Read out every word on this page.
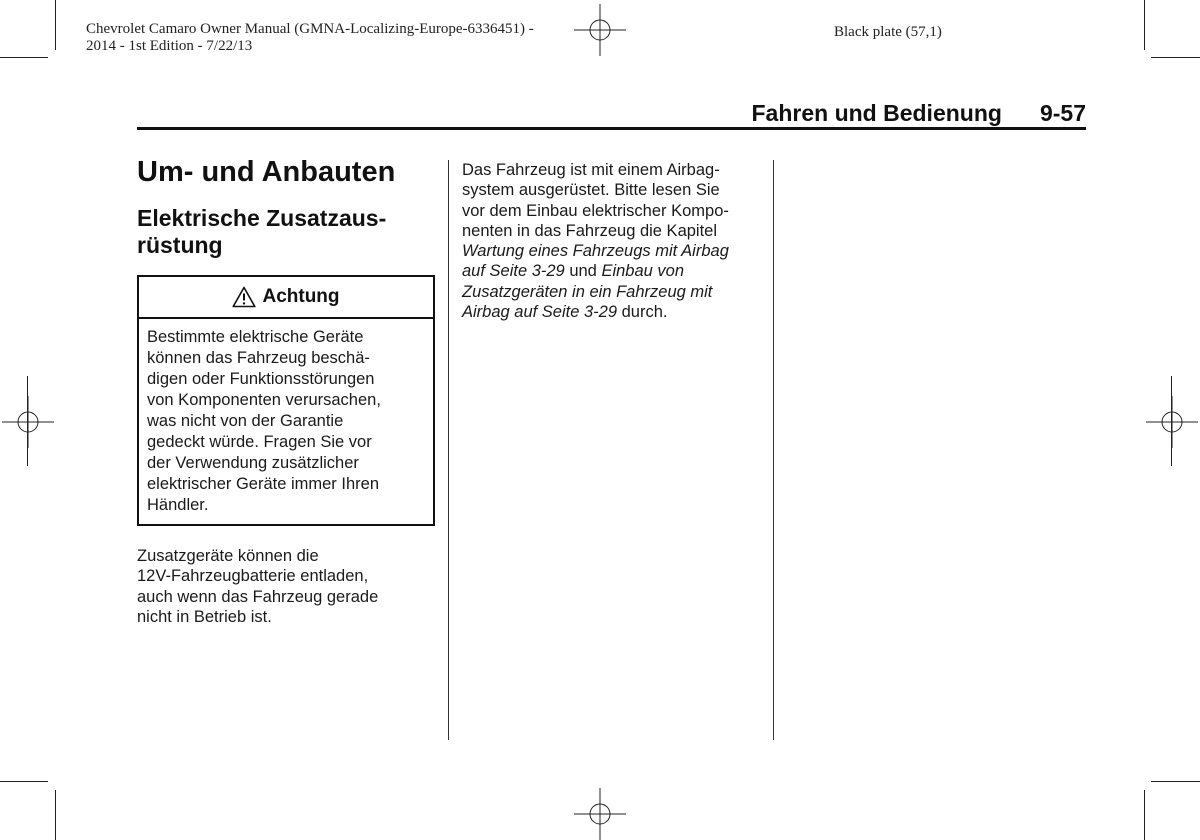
Chevrolet Camaro Owner Manual (GMNA-Localizing-Europe-6336451) -
2014 - 1st Edition - 7/22/13
Black plate (57,1)
Fahren und Bedienung 9-57
Um- und Anbauten
Elektrische Zusatzaus-
rüstung
Achtung
Bestimmte elektrische Geräte
können das Fahrzeug beschä-
digen oder Funktionsstörungen
von Komponenten verursachen,
was nicht von der Garantie
gedeckt würde. Fragen Sie vor
der Verwendung zusätzlicher
elektrischer Geräte immer Ihren
Händler.
Zusatzgeräte können die
12V-Fahrzeugbatterie entladen,
auch wenn das Fahrzeug gerade
nicht in Betrieb ist.
Das Fahrzeug ist mit einem Airbag-
system ausgerüstet. Bitte lesen Sie
vor dem Einbau elektrischer Kompo-
nenten in das Fahrzeug die Kapitel
Wartung eines Fahrzeugs mit Airbag
auf Seite 3-29 und Einbau von
Zusatzgeräten in ein Fahrzeug mit
Airbag auf Seite 3-29 durch.
